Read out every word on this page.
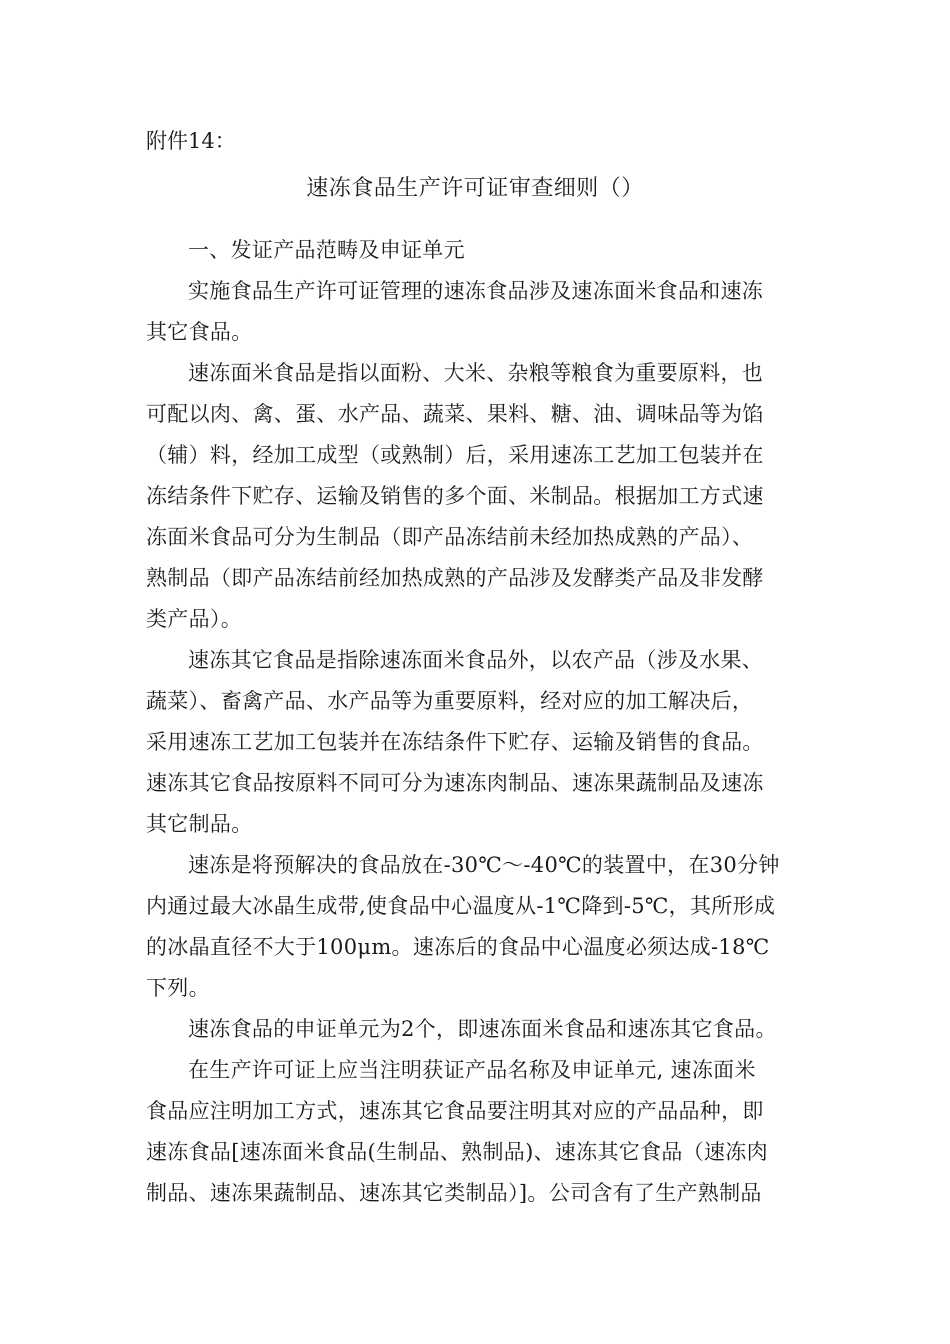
附件14：
速冻食品生产许可证审查细则（）
一、发证产品范畴及申证单元
实施食品生产许可证管理的速冻食品涉及速冻面米食品和速冻
其它食品。
速冻面米食品是指以面粉、大米、杂粮等粮食为重要原料，也
可配以肉、禽、蛋、水产品、蔬菜、果料、糖、油、调味品等为馅
（辅）料，经加工成型（或熟制）后，采用速冻工艺加工包装并在
冻结条件下贮存、运输及销售的多个面、米制品。根据加工方式速
冻面米食品可分为生制品（即产品冻结前未经加热成熟的产品）、
熟制品（即产品冻结前经加热成熟的产品涉及发酵类产品及非发酵
类产品）。
速冻其它食品是指除速冻面米食品外，以农产品（涉及水果、
蔬菜）、畜禽产品、水产品等为重要原料，经对应的加工解决后，
采用速冻工艺加工包装并在冻结条件下贮存、运输及销售的食品。
速冻其它食品按原料不同可分为速冻肉制品、速冻果蔬制品及速冻
其它制品。
速冻是将预解决的食品放在-30℃～-40℃的装置中，在30分钟
内通过最大冰晶生成带,使食品中心温度从-1℃降到-5℃，其所形成
的冰晶直径不大于100μm。速冻后的食品中心温度必须达成-18℃
下列。
速冻食品的申证单元为2个，即速冻面米食品和速冻其它食品。
在生产许可证上应当注明获证产品名称及申证单元, 速冻面米
食品应注明加工方式，速冻其它食品要注明其对应的产品品种，即
速冻食品[速冻面米食品(生制品、熟制品)、速冻其它食品（速冻肉
制品、速冻果蔬制品、速冻其它类制品）]。公司含有了生产熟制品
